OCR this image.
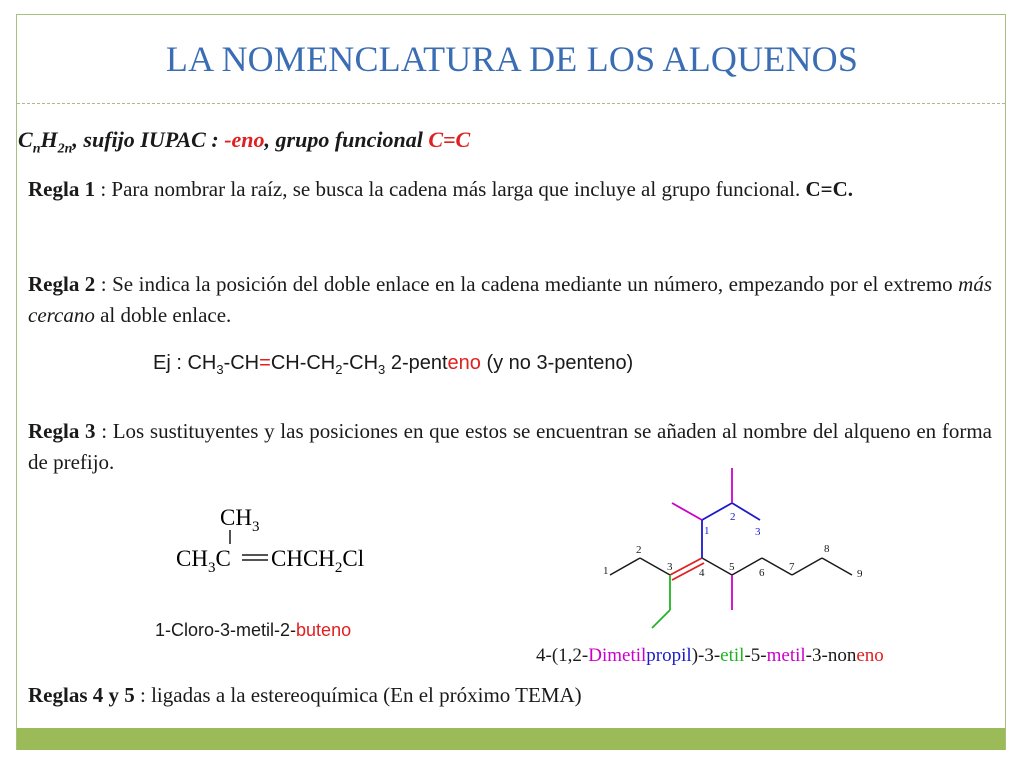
LA NOMENCLATURA DE LOS ALQUENOS
$C_nH_{2n}$, sufijo IUPAC : -eno, grupo funcional C=C
Regla 1 : Para nombrar la raíz, se busca la cadena más larga que incluye al grupo funcional. C=C.
Regla 2 : Se indica la posición del doble enlace en la cadena mediante un número, empezando por el extremo más cercano al doble enlace.
Ej : $CH_3-CH=CH-CH_2-CH_3$ 2-penteno (y no 3-penteno)
Regla 3 : Los sustituyentes y las posiciones en que estos se encuentran se añaden al nombre del alqueno en forma de prefijo.
$CH_3$
$CH_3C$ $CHCH_2Cl$
1-Cloro-3-metil-2-buteno
1
2
3 4 5 6 7
8
9
1
2
3
4-(1,2-Dimetilpropil)-3-etil-5-metil-3-noneno
Reglas 4 y 5 : ligadas a la estereoquímica (En el próximo TEMA)
